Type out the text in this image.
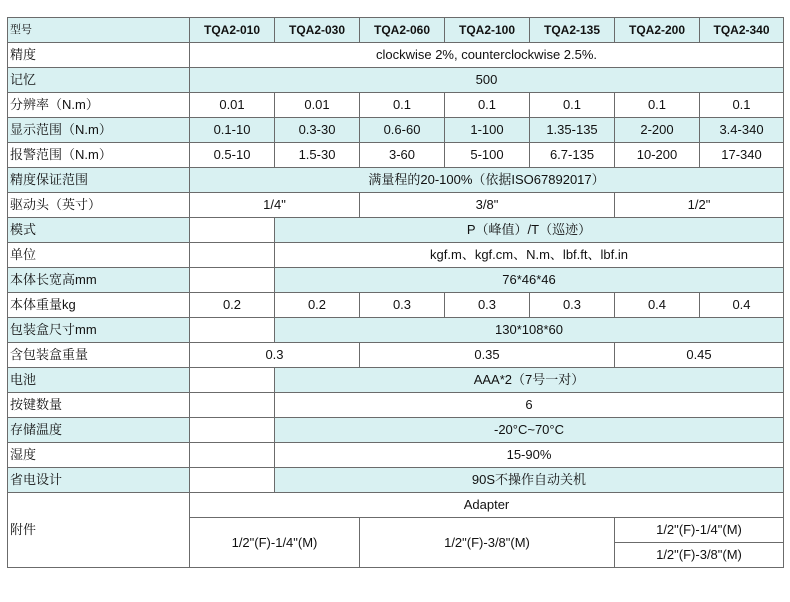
型号	TQA2-010	TQA2-030	TQA2-060	TQA2-100	TQA2-135	TQA2-200	TQA2-340
精度	clockwise 2%, counterclockwise 2.5%.						
记忆	500						
分辨率（N.m）	0.01	0.01	0.1	0.1	0.1	0.1	0.1
显示范围（N.m）	0.1-10	0.3-30	0.6-60	1-100	1.35-135	2-200	3.4-340
报警范围（N.m）	0.5-10	1.5-30	3-60	5-100	6.7-135	10-200	17-340
精度保证范围	满量程的20-100%（依据ISO67892017）						
驱动头（英寸）	1/4"		3/8"			1/2"	
模式		P（峰值）/T（巡迹）					
单位		kgf.m、kgf.cm、N.m、lbf.ft、lbf.in					
本体长宽高mm		76*46*46					
本体重量kg	0.2	0.2	0.3	0.3	0.3	0.4	0.4
包装盒尺寸mm		130*108*60					
含包装盒重量	0.3		0.35			0.45	
电池		AAA*2（7号一对）					
按键数量		6					
存储温度		-20°C~70°C					
湿度		15-90%					
省电设计		90S不操作自动关机					
附件	Adapter						
	1/2"(F)-1/4"(M)		1/2"(F)-3/8"(M)			1/2"(F)-1/4"(M)	
						1/2"(F)-3/8"(M)	
